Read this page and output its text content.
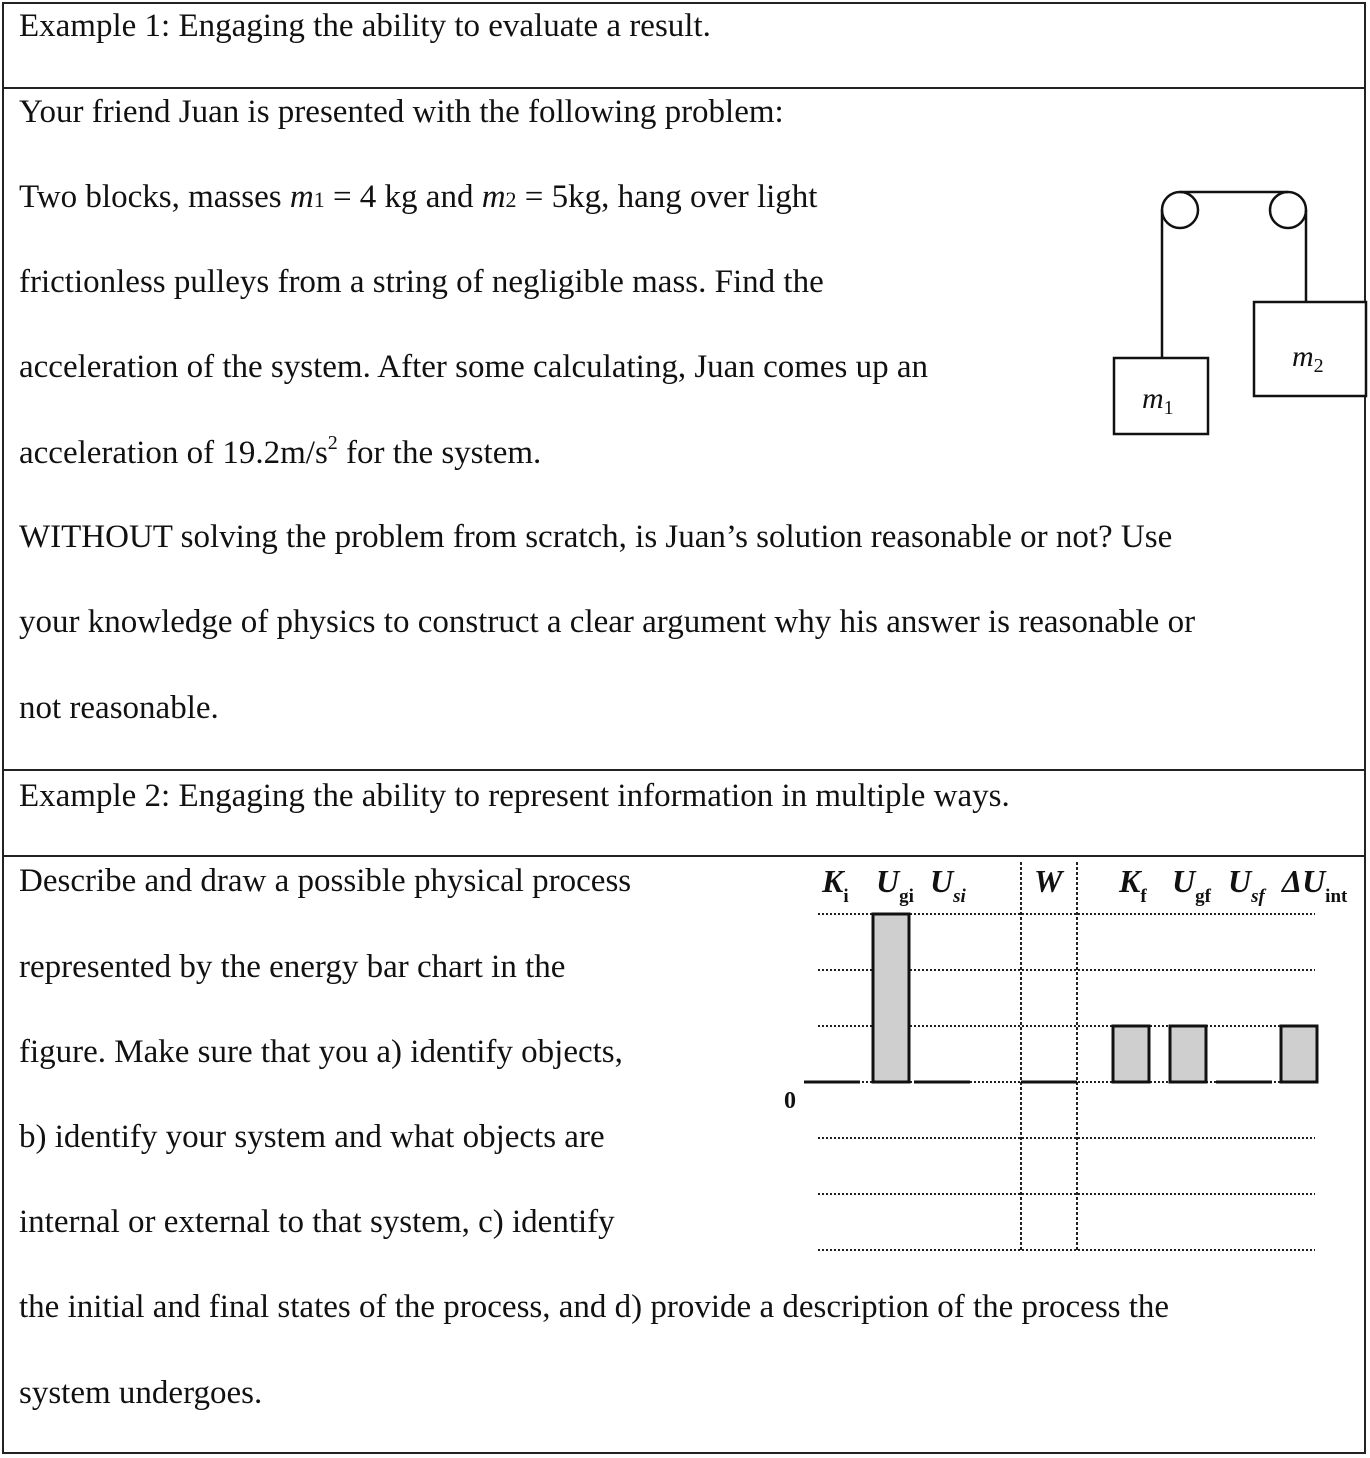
Example 1: Engaging the ability to evaluate a result.
Your friend Juan is presented with the following problem:
Two blocks, masses m1 = 4 kg and m2 = 5kg, hang over light
frictionless pulleys from a string of negligible mass. Find the
acceleration of the system. After some calculating, Juan comes up an
acceleration of $19.2m/s^2$ for the system.
WITHOUT solving the problem from scratch, is Juan’s solution reasonable or not? Use
your knowledge of physics to construct a clear argument why his answer is reasonable or
not reasonable.
$m_1$
$m_2$
Example 2: Engaging the ability to represent information in multiple ways.
Describe and draw a possible physical process
represented by the energy bar chart in the
figure. Make sure that you a) identify objects,
b) identify your system and what objects are
internal or external to that system, c) identify
the initial and final states of the process, and d) provide a description of the process the
system undergoes.
0
$K_i$ $U_{gi}$ $U_{si}$ W $K_f$ $U_{gf}$ $U_{sf}$ $\Delta U_{int}$
